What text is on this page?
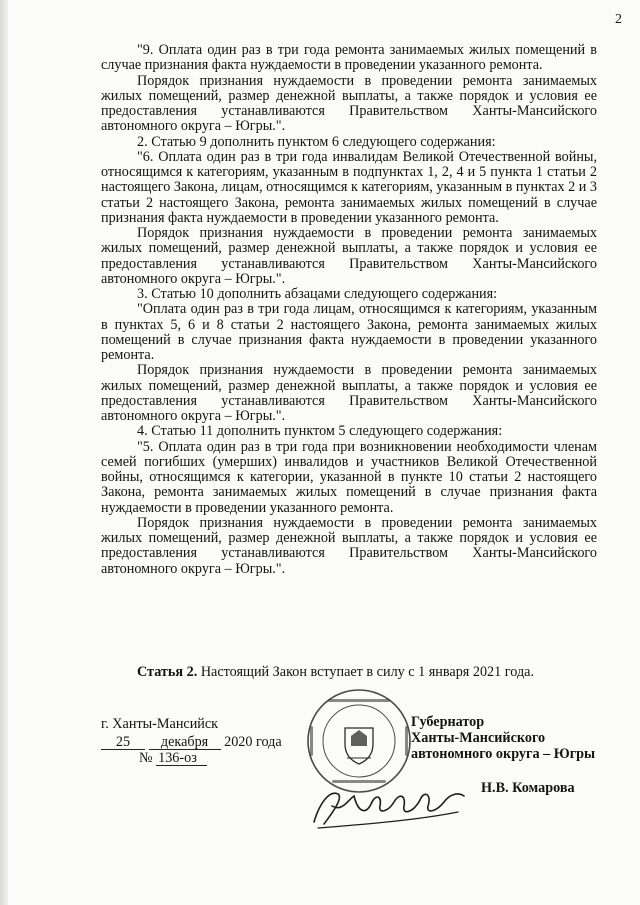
2

"9. Оплата один раз в три года ремонта занимаемых жилых помещений в случае признания факта нуждаемости в проведении указанного ремонта.

Порядок признания нуждаемости в проведении ремонта занимаемых жилых помещений, размер денежной выплаты, а также порядок и условия ее предоставления устанавливаются Правительством Ханты-Мансийского автономного округа – Югры.".

2. Статью 9 дополнить пунктом 6 следующего содержания:

"6. Оплата один раз в три года инвалидам Великой Отечественной войны, относящимся к категориям, указанным в подпунктах 1, 2, 4 и 5 пункта 1 статьи 2 настоящего Закона, лицам, относящимся к категориям, указанным в пунктах 2 и 3 статьи 2 настоящего Закона, ремонта занимаемых жилых помещений в случае признания факта нуждаемости в проведении указанного ремонта.

Порядок признания нуждаемости в проведении ремонта занимаемых жилых помещений, размер денежной выплаты, а также порядок и условия ее предоставления устанавливаются Правительством Ханты-Мансийского автономного округа – Югры.".

3. Статью 10 дополнить абзацами следующего содержания:

"Оплата один раз в три года лицам, относящимся к категориям, указанным в пунктах 5, 6 и 8 статьи 2 настоящего Закона, ремонта занимаемых жилых помещений в случае признания факта нуждаемости в проведении указанного ремонта.

Порядок признания нуждаемости в проведении ремонта занимаемых жилых помещений, размер денежной выплаты, а также порядок и условия ее предоставления устанавливаются Правительством Ханты-Мансийского автономного округа – Югры.".

4. Статью 11 дополнить пунктом 5 следующего содержания:

"5. Оплата один раз в три года при возникновении необходимости членам семей погибших (умерших) инвалидов и участников Великой Отечественной войны, относящимся к категории, указанной в пункте 10 статьи 2 настоящего Закона, ремонта занимаемых жилых помещений в случае признания факта нуждаемости в проведении указанного ремонта.

Порядок признания нуждаемости в проведении ремонта занимаемых жилых помещений, размер денежной выплаты, а также порядок и условия ее предоставления устанавливаются Правительством Ханты-Мансийского автономного округа – Югры.".

Статья 2. Настоящий Закон вступает в силу с 1 января 2021 года.
г. Ханты-Мансийск
25 декабря 2020 года
№ 136-оз
Губернатор
Ханты-Мансийского
автономного округа – Югры
Н.В. Комарова
